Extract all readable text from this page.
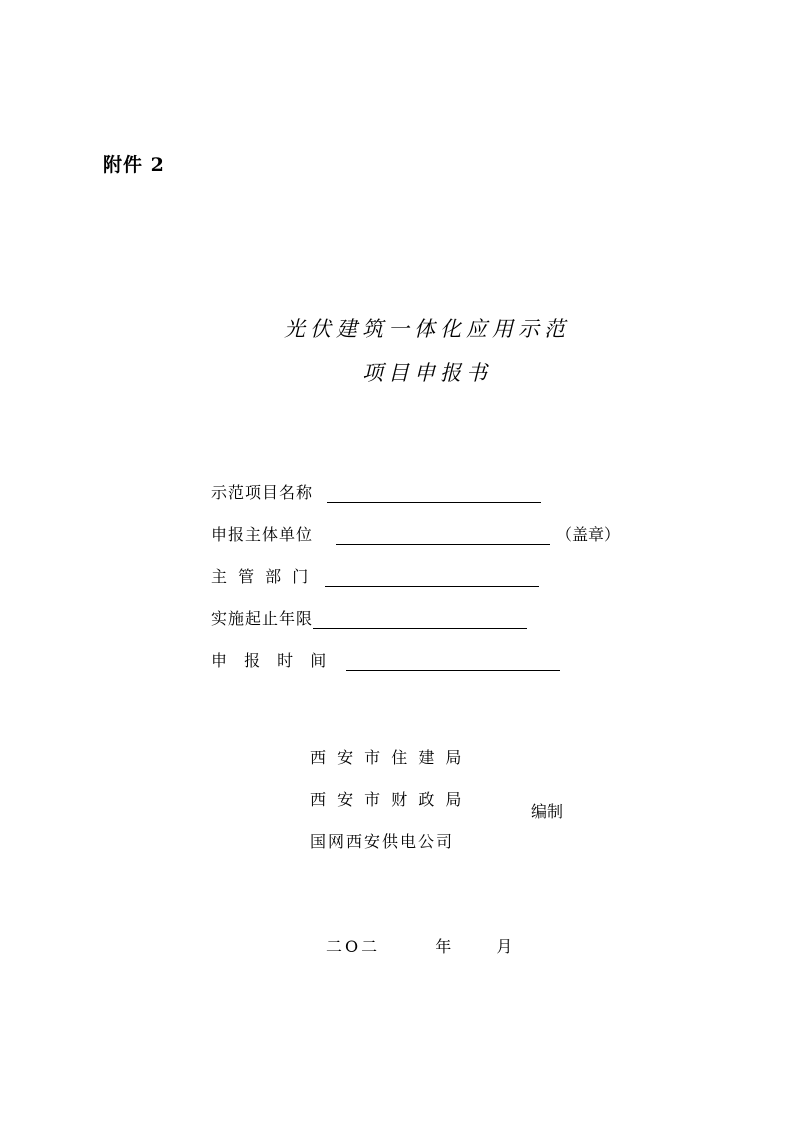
附件 2
光伏建筑一体化应用示范
项目申报书
示范项目名称
申报主体单位	（盖章）
主 管 部 门
实施起止年限
申 报 时 间
西 安 市 住 建 局
西 安 市 财 政 局
国网西安供电公司
编制
二O二	年	月
